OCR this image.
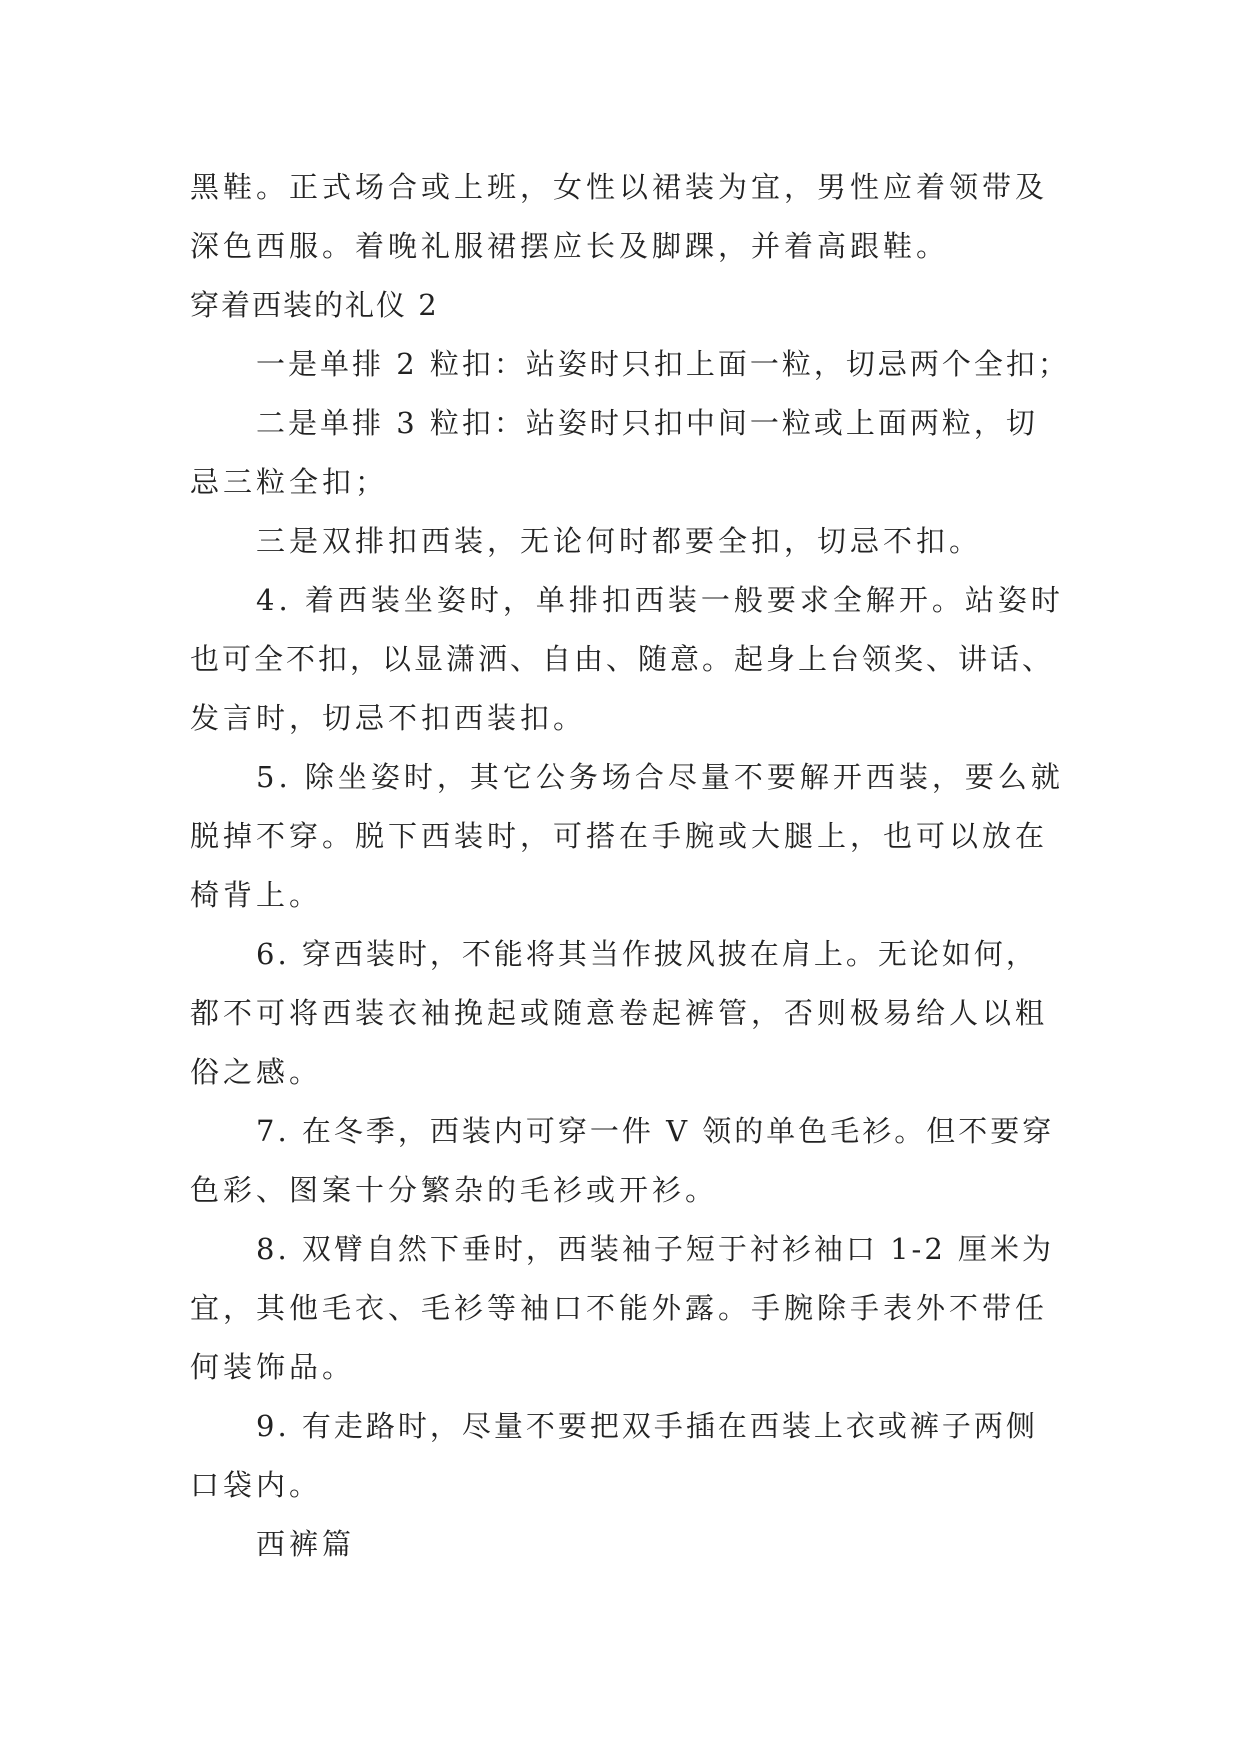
黑鞋。正式场合或上班，女性以裙装为宜，男性应着领带及
深色西服。着晚礼服裙摆应长及脚踝，并着高跟鞋。
穿着西装的礼仪 2
一是单排 2 粒扣：站姿时只扣上面一粒，切忌两个全扣；
二是单排 3 粒扣：站姿时只扣中间一粒或上面两粒，切
忌三粒全扣；
三是双排扣西装，无论何时都要全扣，切忌不扣。
4. 着西装坐姿时，单排扣西装一般要求全解开。站姿时
也可全不扣，以显潇洒、自由、随意。起身上台领奖、讲话、
发言时，切忌不扣西装扣。
5. 除坐姿时，其它公务场合尽量不要解开西装，要么就
脱掉不穿。脱下西装时，可搭在手腕或大腿上，也可以放在
椅背上。
6. 穿西装时，不能将其当作披风披在肩上。无论如何，
都不可将西装衣袖挽起或随意卷起裤管，否则极易给人以粗
俗之感。
7. 在冬季，西装内可穿一件 V 领的单色毛衫。但不要穿
色彩、图案十分繁杂的毛衫或开衫。
8. 双臂自然下垂时，西装袖子短于衬衫袖口 1-2 厘米为
宜，其他毛衣、毛衫等袖口不能外露。手腕除手表外不带任
何装饰品。
9. 有走路时，尽量不要把双手插在西装上衣或裤子两侧
口袋内。
西裤篇
